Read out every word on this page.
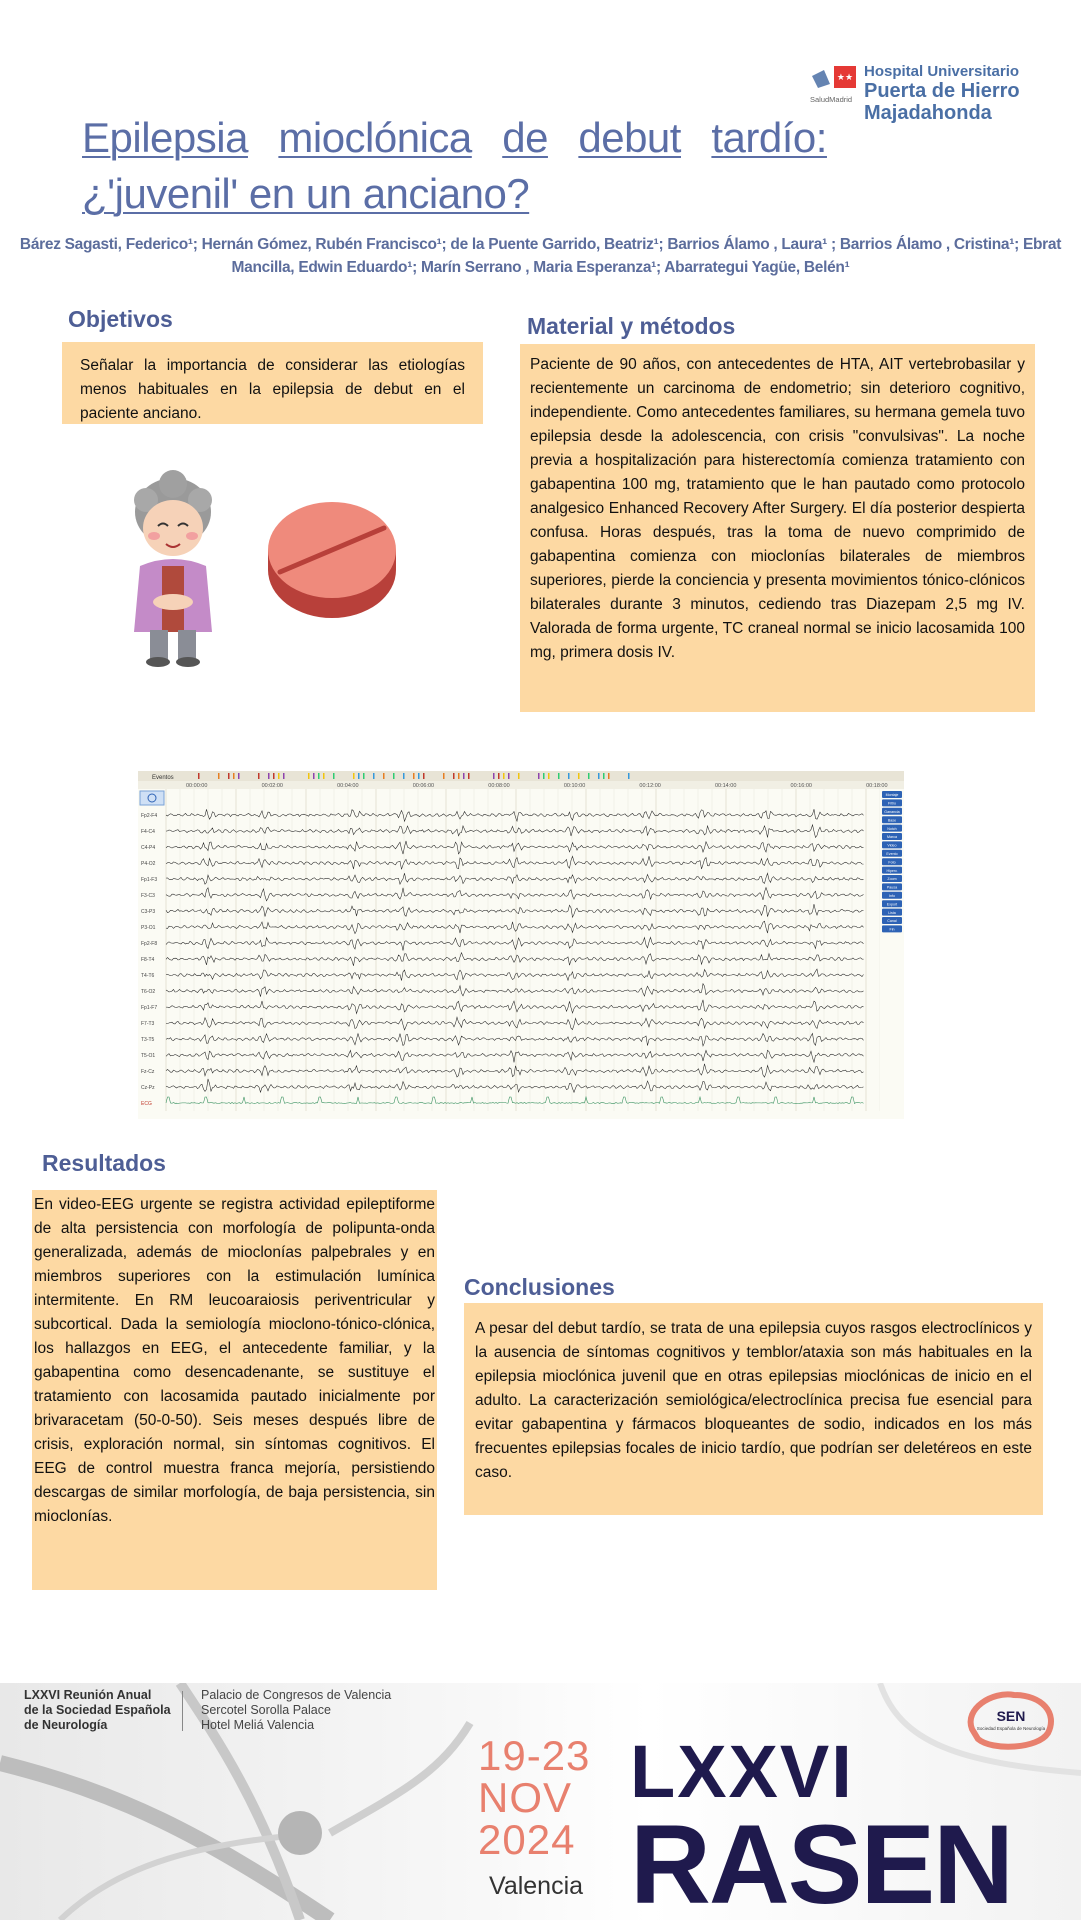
★★
SaludMadrid
Hospital Universitario
Puerta de Hierro
Majadahonda
Epilepsia mioclónica de debut tardío:
¿'juvenil' en un anciano?
Bárez Sagasti, Federico¹; Hernán Gómez, Rubén Francisco¹; de la Puente Garrido, Beatriz¹; Barrios Álamo , Laura¹ ; Barrios Álamo , Cristina¹; Ebrat Mancilla, Edwin Eduardo¹; Marín Serrano , Maria Esperanza¹; Abarrategui Yagüe, Belén¹
Objetivos
Señalar la importancia de considerar las etiologías menos habituales en la epilepsia de debut en el paciente anciano.
Material y métodos
Paciente de 90 años, con antecedentes de HTA, AIT vertebrobasilar y recientemente un carcinoma de endometrio; sin deterioro cognitivo, independiente. Como antecedentes familiares, su hermana gemela tuvo epilepsia desde la adolescencia, con crisis "convulsivas". La noche previa a hospitalización para histerectomía comienza tratamiento con gabapentina 100 mg, tratamiento que le han pautado como protocolo analgesico Enhanced Recovery After Surgery. El día posterior despierta confusa. Horas después, tras la toma de nuevo comprimido de gabapentina comienza con mioclonías bilaterales de miembros superiores, pierde la conciencia y presenta movimientos tónico-clónicos bilaterales durante 3 minutos, cediendo tras Diazepam 2,5 mg IV. Valorada de forma urgente, TC craneal normal se inicio lacosamida 100 mg, primera dosis IV.
Eventos
00:00:00	00:02:00	00:04:00	00:06:00	00:08:00	00:10:00	00:12:00	00:14:00	00:16:00	00:18:00
Fp2-F4
F4-C4
C4-P4
P4-O2
Fp1-F3
F3-C3
C3-P3
P3-O1
Fp2-F8
F8-T4
T4-T6
T6-O2
Fp1-F7
F7-T3
T3-T5
T5-O1
Fz-Cz
Cz-Pz
ECG
Montaje
Filtro
Ganancia
Base
Notch
Marca
Video
Evento
Foto
Hiperv.
Zoom
Pausa
Info
Export
Lista
Canal
Fin
Resultados
En video-EEG urgente se registra actividad epileptiforme de alta persistencia con morfología de polipunta-onda generalizada, además de mioclonías palpebrales y en miembros superiores con la estimulación lumínica intermitente. En RM leucoaraiosis periventricular y subcortical. Dada la semiología mioclono-tónico-clónica, los hallazgos en EEG, el antecedente familiar, y la gabapentina como desencadenante, se sustituye el tratamiento con lacosamida pautado inicialmente por brivaracetam (50-0-50). Seis meses después libre de crisis, exploración normal, sin síntomas cognitivos. El EEG de control muestra franca mejoría, persistiendo descargas de similar morfología, de baja persistencia, sin mioclonías.
Conclusiones
A pesar del debut tardío, se trata de una epilepsia cuyos rasgos electroclínicos y la ausencia de síntomas cognitivos y temblor/ataxia son más habituales en la epilepsia mioclónica juvenil que en otras epilepsias mioclónicas de inicio en el adulto. La caracterización semiológica/electroclínica precisa fue esencial para evitar gabapentina y fármacos bloqueantes de sodio, indicados en los más frecuentes epilepsias focales de inicio tardío, que podrían ser deletéreos en este caso.
LXXVI Reunión Anual
de la Sociedad Española
de Neurología
Palacio de Congresos de Valencia
Sercotel Sorolla Palace
Hotel Meliá Valencia
19-23
NOV
2024
Valencia
LXXVI
RASEN
SEN
Sociedad Española de Neurología
